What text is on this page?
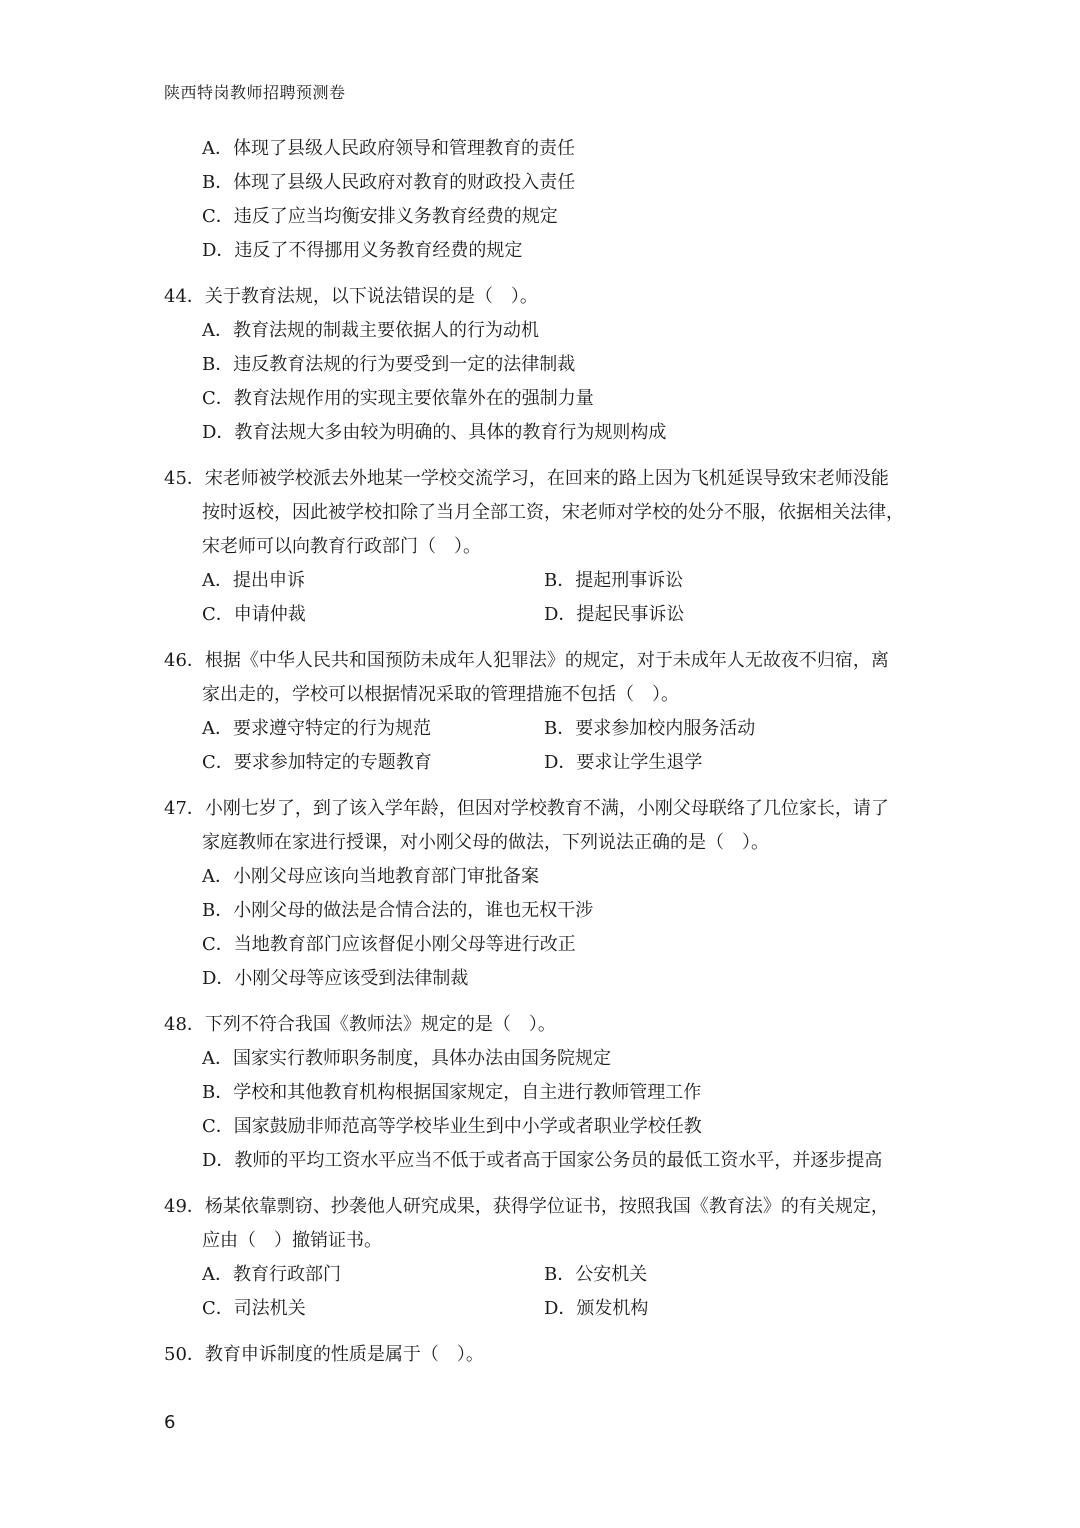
陕西特岗教师招聘预测卷
A．体现了县级人民政府领导和管理教育的责任
B．体现了县级人民政府对教育的财政投入责任
C．违反了应当均衡安排义务教育经费的规定
D．违反了不得挪用义务教育经费的规定
44．关于教育法规，以下说法错误的是（　）。
A．教育法规的制裁主要依据人的行为动机
B．违反教育法规的行为要受到一定的法律制裁
C．教育法规作用的实现主要依靠外在的强制力量
D．教育法规大多由较为明确的、具体的教育行为规则构成
45．宋老师被学校派去外地某一学校交流学习，在回来的路上因为飞机延误导致宋老师没能
按时返校，因此被学校扣除了当月全部工资，宋老师对学校的处分不服，依据相关法律，
宋老师可以向教育行政部门（　）。
A．提出申诉	B．提起刑事诉讼
C．申请仲裁	D．提起民事诉讼
46．根据《中华人民共和国预防未成年人犯罪法》的规定，对于未成年人无故夜不归宿，离
家出走的，学校可以根据情况采取的管理措施不包括（　）。
A．要求遵守特定的行为规范	B．要求参加校内服务活动
C．要求参加特定的专题教育	D．要求让学生退学
47．小刚七岁了，到了该入学年龄，但因对学校教育不满，小刚父母联络了几位家长，请了
家庭教师在家进行授课，对小刚父母的做法，下列说法正确的是（　）。
A．小刚父母应该向当地教育部门审批备案
B．小刚父母的做法是合情合法的，谁也无权干涉
C．当地教育部门应该督促小刚父母等进行改正
D．小刚父母等应该受到法律制裁
48．下列不符合我国《教师法》规定的是（　）。
A．国家实行教师职务制度，具体办法由国务院规定
B．学校和其他教育机构根据国家规定，自主进行教师管理工作
C．国家鼓励非师范高等学校毕业生到中小学或者职业学校任教
D．教师的平均工资水平应当不低于或者高于国家公务员的最低工资水平，并逐步提高
49．杨某依靠剽窃、抄袭他人研究成果，获得学位证书，按照我国《教育法》的有关规定，
应由（　）撤销证书。
A．教育行政部门	B．公安机关
C．司法机关	D．颁发机构
50．教育申诉制度的性质是属于（　）。
6
